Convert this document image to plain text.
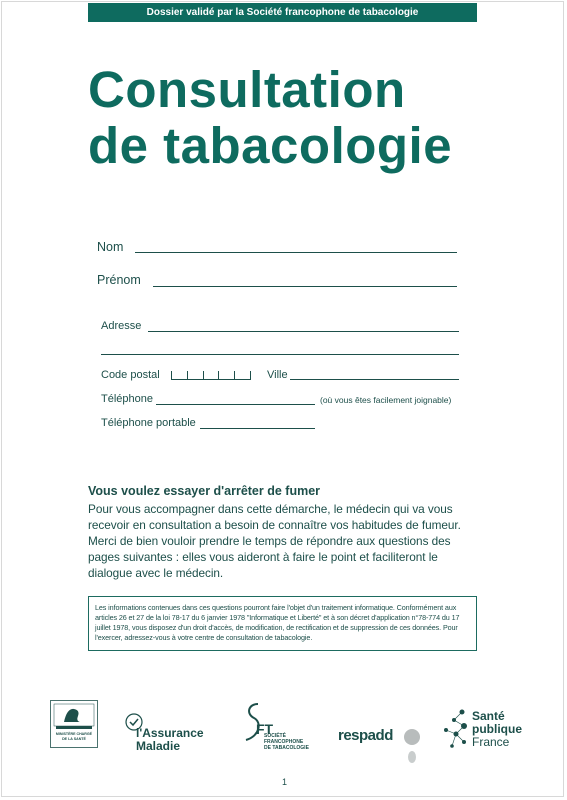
Dossier validé par la Société francophone de tabacologie
Consultation
de tabacologie
Nom
Prénom
Adresse
Code postal	Ville
Téléphone	(où vous êtes facilement joignable)
Téléphone portable
Vous voulez essayer d'arrêter de fumer
Pour vous accompagner dans cette démarche, le médecin qui va vous recevoir en consultation a besoin de connaître vos habitudes de fumeur. Merci de bien vouloir prendre le temps de répondre aux questions des pages suivantes : elles vous aideront à faire le point et faciliteront le dialogue avec le médecin.
Les informations contenues dans ces questions pourront faire l'objet d'un traitement informatique. Conformément aux articles 26 et 27 de la loi 78-17 du 6 janvier 1978 "Informatique et Liberté" et à son décret d'application n°78-774 du 17 juillet 1978, vous disposez d'un droit d'accès, de modification, de rectification et de suppression de ces données. Pour l'exercer, adressez-vous à votre centre de consultation de tabacologie.
MINISTÈRE CHARGÉ DE LA SANTÉ	l'Assurance
Maladie
FT
SOCIÉTÉ
FRANCOPHONE
DE TABACOLOGIE
respadd
Santé
publique
France
1
